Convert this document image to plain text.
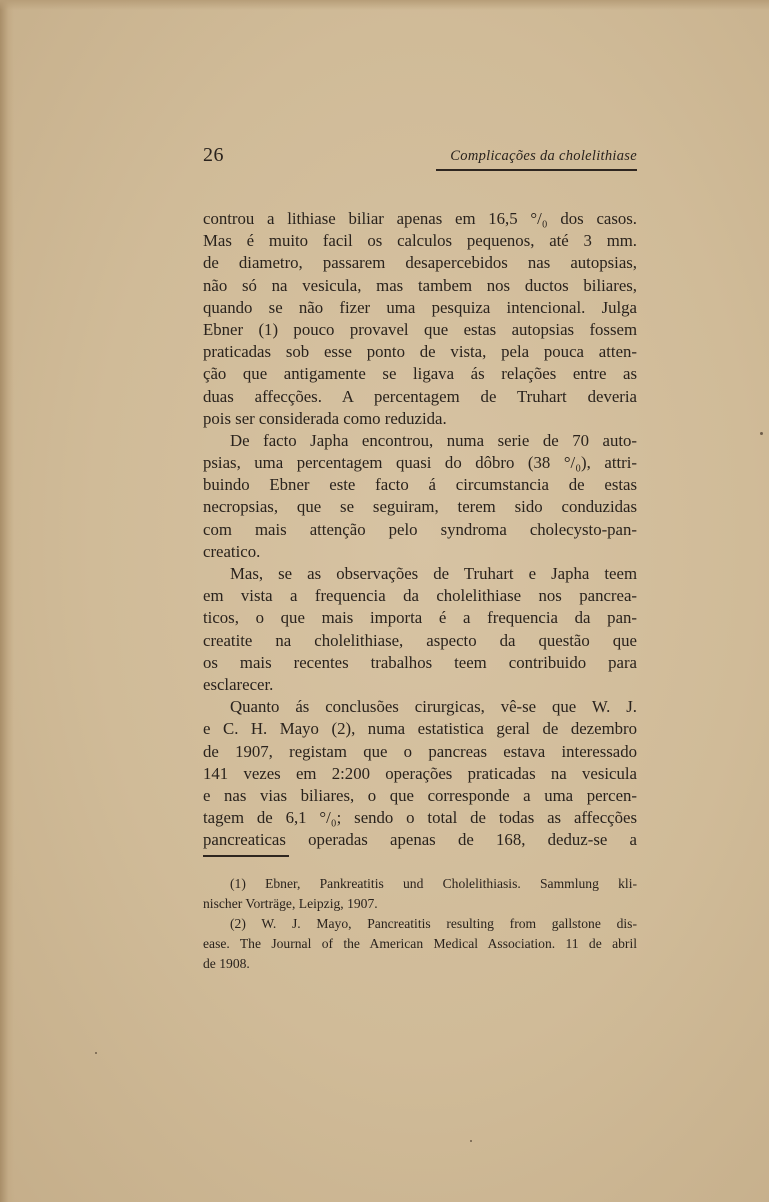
26	Complicações da cholelithiase
controu a lithiase biliar apenas em 16,5 °/₀ dos casos.
Mas é muito facil os calculos pequenos, até 3 mm.
de diametro, passarem desapercebidos nas autopsias,
não só na vesicula, mas tambem nos ductos biliares,
quando se não fizer uma pesquiza intencional. Julga
Ebner (1) pouco provavel que estas autopsias fossem
praticadas sob esse ponto de vista, pela pouca atten-
ção que antigamente se ligava ás relações entre as
duas affecções. A percentagem de Truhart deveria
pois ser considerada como reduzida.
De facto Japha encontrou, numa serie de 70 auto-
psias, uma percentagem quasi do dôbro (38 °/₀), attri-
buindo Ebner este facto á circumstancia de estas
necropsias, que se seguiram, terem sido conduzidas
com mais attenção pelo syndroma cholecysto-pan-
creatico.
Mas, se as observações de Truhart e Japha teem
em vista a frequencia da cholelithiase nos pancrea-
ticos, o que mais importa é a frequencia da pan-
creatite na cholelithiase, aspecto da questão que
os mais recentes trabalhos teem contribuido para
esclarecer.
Quanto ás conclusões cirurgicas, vê-se que W. J.
e C. H. Mayo (2), numa estatistica geral de dezembro
de 1907, registam que o pancreas estava interessado
141 vezes em 2:200 operações praticadas na vesicula
e nas vias biliares, o que corresponde a uma percen-
tagem de 6,1 °/₀; sendo o total de todas as affecções
pancreaticas operadas apenas de 168, deduz-se a
(1) Ebner, Pankreatitis und Cholelithiasis. Sammlung kli-
nischer Vorträge, Leipzig, 1907.
(2) W. J. Mayo, Pancreatitis resulting from gallstone dis-
ease. The Journal of the American Medical Association. 11 de abril
de 1908.
